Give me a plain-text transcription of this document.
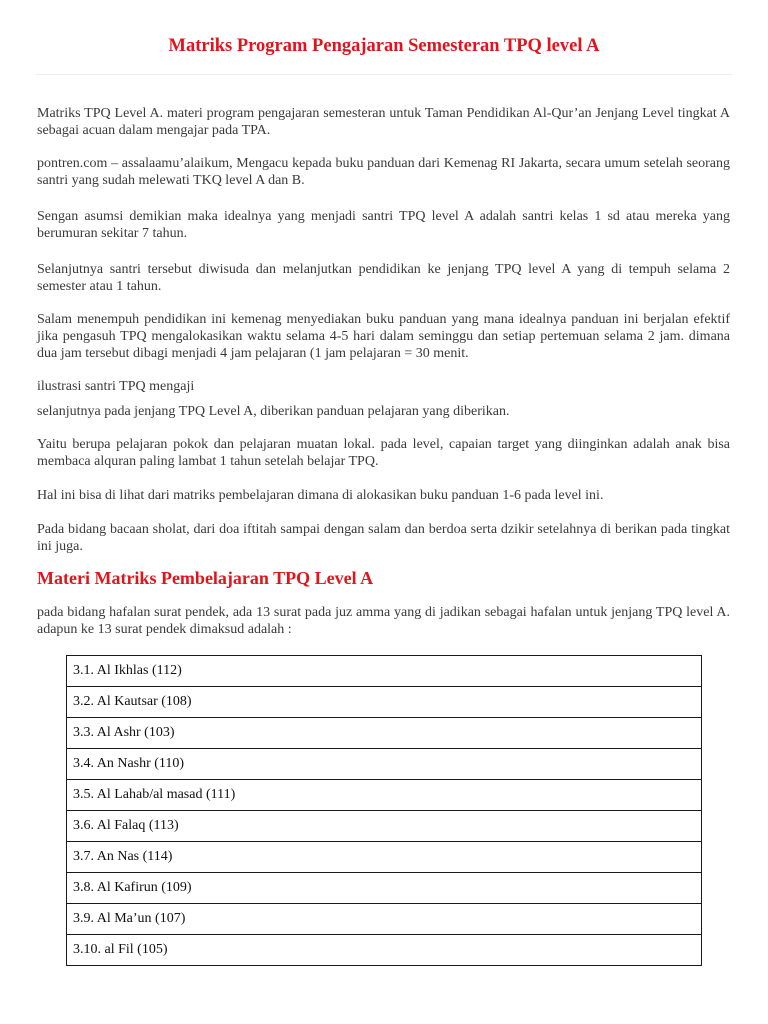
Matriks Program Pengajaran Semesteran TPQ level A

Matriks TPQ Level A. materi program pengajaran semesteran untuk Taman Pendidikan Al-Qur’an Jenjang Level tingkat A sebagai acuan dalam mengajar pada TPA.

pontren.com – assalaamu’alaikum, Mengacu kepada buku panduan dari Kemenag RI Jakarta, secara umum setelah seorang santri yang sudah melewati TKQ level A dan B.

Sengan asumsi demikian maka idealnya yang menjadi santri TPQ level A adalah santri kelas 1 sd atau mereka yang berumuran sekitar 7 tahun.

Selanjutnya santri tersebut diwisuda dan melanjutkan pendidikan ke jenjang TPQ level A yang di tempuh selama 2 semester atau 1 tahun.

Salam menempuh pendidikan ini kemenag menyediakan buku panduan yang mana idealnya panduan ini berjalan efektif jika pengasuh TPQ mengalokasikan waktu selama 4-5 hari dalam seminggu dan setiap pertemuan selama 2 jam. dimana dua jam tersebut dibagi menjadi 4 jam pelajaran (1 jam pelajaran = 30 menit.

ilustrasi santri TPQ mengaji

selanjutnya pada jenjang TPQ Level A, diberikan panduan pelajaran yang diberikan.

Yaitu berupa pelajaran pokok dan pelajaran muatan lokal. pada level, capaian target yang diinginkan adalah anak bisa membaca alquran paling lambat 1 tahun setelah belajar TPQ.

Hal ini bisa di lihat dari matriks pembelajaran dimana di alokasikan buku panduan 1-6 pada level ini.

Pada bidang bacaan sholat, dari doa iftitah sampai dengan salam dan berdoa serta dzikir setelahnya di berikan pada tingkat ini juga.

Materi Matriks Pembelajaran TPQ Level A

pada bidang hafalan surat pendek, ada 13 surat pada juz amma yang di jadikan sebagai hafalan untuk jenjang TPQ level A. adapun ke 13 surat pendek dimaksud adalah :

3.1. Al Ikhlas (112)
3.2. Al Kautsar (108)
3.3. Al Ashr (103)
3.4. An Nashr (110)
3.5. Al Lahab/al masad (111)
3.6. Al Falaq (113)
3.7. An Nas (114)
3.8. Al Kafirun (109)
3.9. Al Ma’un (107)
3.10. al Fil (105)
